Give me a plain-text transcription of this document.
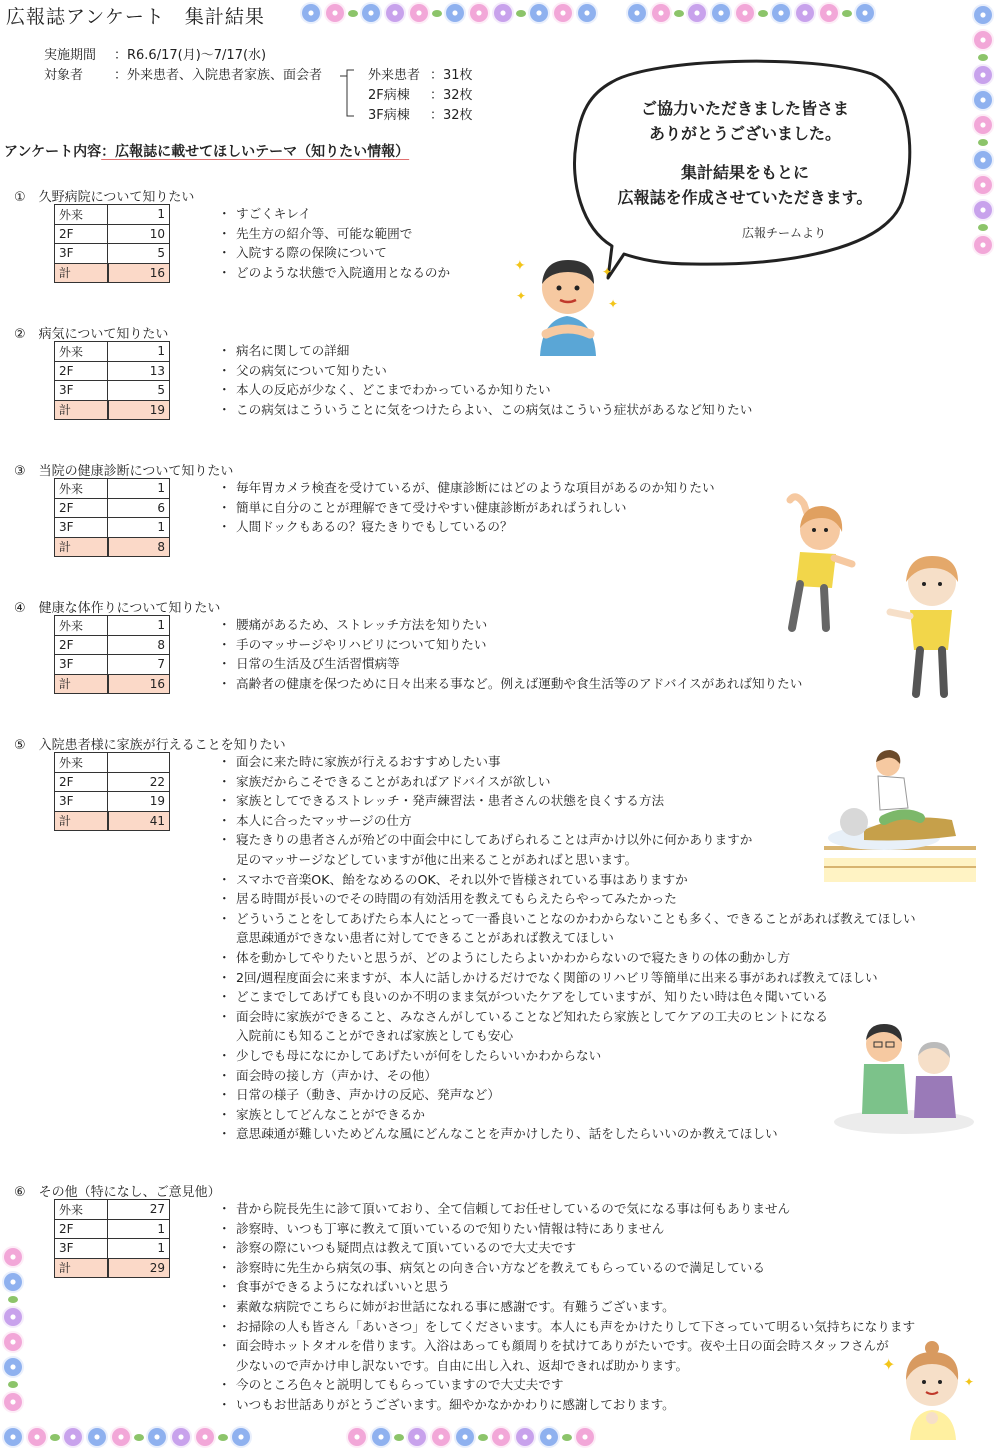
広報誌アンケート　集計結果
実施期間 ：R6.6/17(月)～7/17(水)
対象者 ：外来患者、入院患者家族、面会者	外来患者 ：31枚
2F病棟 ：32枚
3F病棟 ：32枚
アンケート内容：広報誌に載せてほしいテーマ（知りたい情報）
ご協力いただきました皆さま
ありがとうございました。
集計結果をもとに
広報誌を作成させていただきます。
広報チームより
①　久野病院について知りたい
外来	1
2F	10
3F	5
計	16
・ すごくキレイ
・ 先生方の紹介等、可能な範囲で
・ 入院する際の保険について
・ どのような状態で入院適用となるのか
②　病気について知りたい
外来	1
2F	13
3F	5
計	19
・ 病名に関しての詳細
・ 父の病気について知りたい
・ 本人の反応が少なく、どこまでわかっているか知りたい
・ この病気はこういうことに気をつけたらよい、この病気はこういう症状があるなど知りたい
③　当院の健康診断について知りたい
外来	1
2F	6
3F	1
計	8
・ 毎年胃カメラ検査を受けているが、健康診断にはどのような項目があるのか知りたい
・ 簡単に自分のことが理解できて受けやすい健康診断があればうれしい
・ 人間ドックもあるの？寝たきりでもしているの？
④　健康な体作りについて知りたい
外来	1
2F	8
3F	7
計	16
・ 腰痛があるため、ストレッチ方法を知りたい
・ 手のマッサージやリハビリについて知りたい
・ 日常の生活及び生活習慣病等
・ 高齢者の健康を保つために日々出来る事など。例えば運動や食生活等のアドバイスがあれば知りたい
⑤　入院患者様に家族が行えることを知りたい
外来	
2F	22
3F	19
計	41
・ 面会に来た時に家族が行えるおすすめしたい事
・ 家族だからこそできることがあればアドバイスが欲しい
・ 家族としてできるストレッチ・発声練習法・患者さんの状態を良くする方法
・ 本人に合ったマッサージの仕方
・ 寝たきりの患者さんが殆どの中面会中にしてあげられることは声かけ以外に何かありますか
足のマッサージなどしていますが他に出来ることがあればと思います。
・ スマホで音楽OK、飴をなめるのOK、それ以外で皆様されている事はありますか
・ 居る時間が長いのでその時間の有効活用を教えてもらえたらやってみたかった
・ どういうことをしてあげたら本人にとって一番良いことなのかわからないことも多く、できることがあれば教えてほしい
意思疎通ができない患者に対してできることがあれば教えてほしい
・ 体を動かしてやりたいと思うが、どのようにしたらよいかわからないので寝たきりの体の動かし方
・ 2回/週程度面会に来ますが、本人に話しかけるだけでなく関節のリハビリ等簡単に出来る事があれば教えてほしい
・ どこまでしてあげても良いのか不明のまま気がついたケアをしていますが、知りたい時は色々聞いている
・ 面会時に家族ができること、みなさんがしていることなど知れたら家族としてケアの工夫のヒントになる
入院前にも知ることができれば家族としても安心
・ 少しでも母になにかしてあげたいが何をしたらいいかわからない
・ 面会時の接し方（声かけ、その他）
・ 日常の様子（動き、声かけの反応、発声など）
・ 家族としてどんなことができるか
・ 意思疎通が難しいためどんな風にどんなことを声かけしたり、話をしたらいいのか教えてほしい
⑥　その他（特になし、ご意見他）
外来	27
2F	1
3F	1
計	29
・ 昔から院長先生に診て頂いており、全て信頼してお任せしているので気になる事は何もありません
・ 診察時、いつも丁寧に教えて頂いているので知りたい情報は特にありません
・ 診察の際にいつも疑問点は教えて頂いているので大丈夫です
・ 診察時に先生から病気の事、病気との向き合い方などを教えてもらっているので満足している
・ 食事ができるようになればいいと思う
・ 素敵な病院でこちらに姉がお世話になれる事に感謝です。有難うございます。
・ お掃除の人も皆さん「あいさつ」をしてくださいます。本人にも声をかけたりして下さっていて明るい気持ちになります
・ 面会時ホットタオルを借ります。入浴はあっても顔周りを拭けてありがたいです。夜や土日の面会時スタッフさんが
少ないので声かけ申し訳ないです。自由に出し入れ、返却できれば助かります。
・ 今のところ色々と説明してもらっていますので大丈夫です
・ いつもお世話ありがとうございます。細やかなかかわりに感謝しております。
✦
✦
✦
✦
✦
✦
